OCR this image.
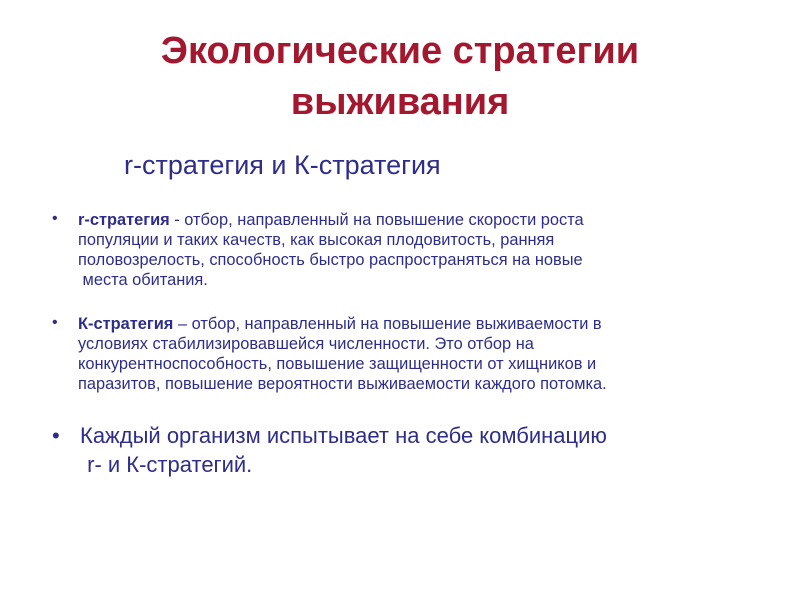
Экологические стратегии
выживания
r-стратегия и К-стратегия
• r-стратегия - отбор, направленный на повышение скорости роста
популяции и таких качеств, как высокая плодовитость, ранняя
половозрелость, способность быстро распространяться на новые
места обитания.
• К-стратегия – отбор, направленный на повышение выживаемости в
условиях стабилизировавшейся численности. Это отбор на
конкурентноспособность, повышение защищенности от хищников и
паразитов, повышение вероятности выживаемости каждого потомка.
• Каждый организм испытывает на себе комбинацию
r- и К-стратегий.
